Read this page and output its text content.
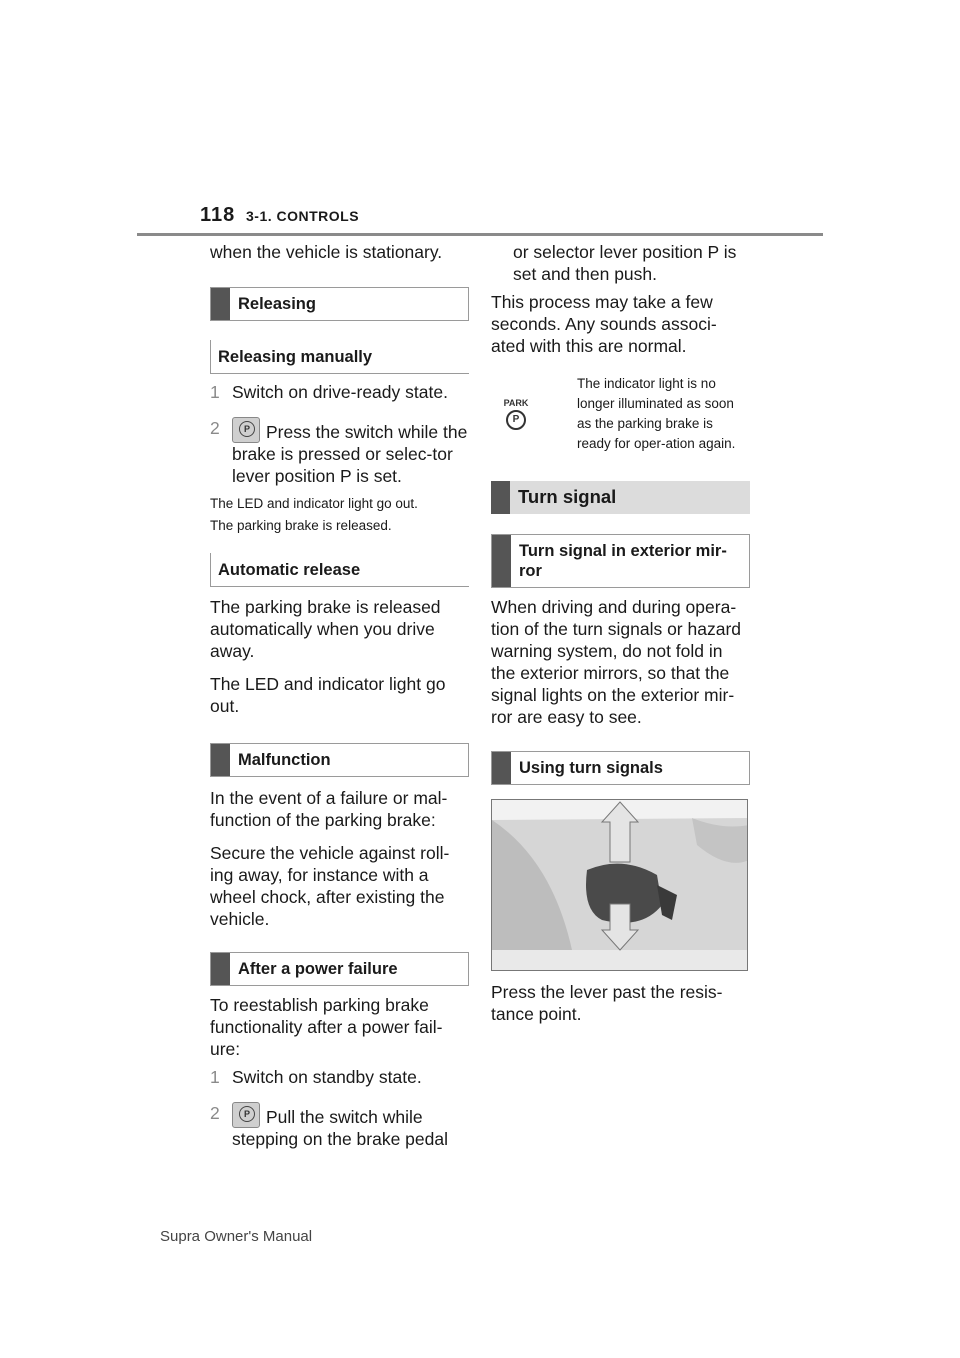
118 3-1. CONTROLS

when the vehicle is stationary.

Releasing
Releasing manually
1 Switch on drive-ready state.
2 P	Press the switch while the brake is pressed or selec-tor lever position P is set.

The LED and indicator light go out.

The parking brake is released.

Automatic release

The parking brake is released automatically when you drive away.

The LED and indicator light go out.

Malfunction

In the event of a failure or mal-function of the parking brake:

Secure the vehicle against roll-ing away, for instance with a wheel chock, after existing the vehicle.

After a power failure

To reestablish parking brake functionality after a power fail-ure:

1 Switch on standby state.
2 P	Pull the switch while stepping on the brake pedal

or selector lever position P is set and then push.

This process may take a few seconds. Any sounds associ-ated with this are normal.

PARK
P
The indicator light is no longer illuminated as soon as the parking brake is ready for oper-ation again.
Turn signal
Turn signal in exterior mir-ror

When driving and during opera-tion of the turn signals or hazard warning system, do not fold in the exterior mirrors, so that the signal lights on the exterior mir-ror are easy to see.

Using turn signals

Press the lever past the resis-tance point.

Supra Owner's Manual
